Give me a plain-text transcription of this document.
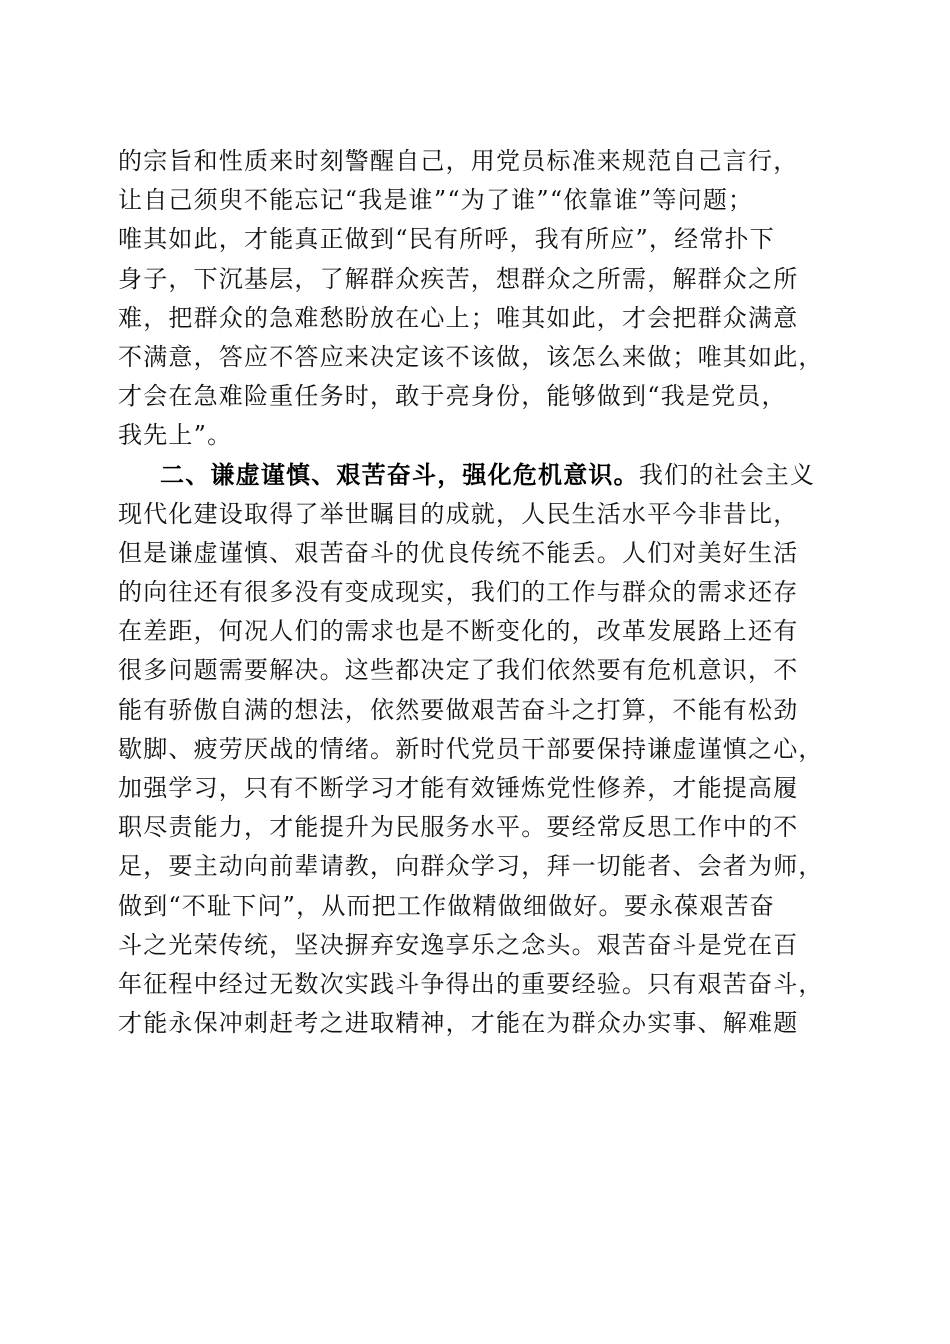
的宗旨和性质来时刻警醒自己，用党员标准来规范自己言行，
让自己须臾不能忘记“我是谁”“为了谁”“依靠谁”等问题；
唯其如此，才能真正做到“民有所呼，我有所应”，经常扑下
身子，下沉基层，了解群众疾苦，想群众之所需，解群众之所
难，把群众的急难愁盼放在心上；唯其如此，才会把群众满意
不满意，答应不答应来决定该不该做，该怎么来做；唯其如此，
才会在急难险重任务时，敢于亮身份，能够做到“我是党员，
我先上”。
二、谦虚谨慎、艰苦奋斗，强化危机意识。我们的社会主义
现代化建设取得了举世瞩目的成就，人民生活水平今非昔比，
但是谦虚谨慎、艰苦奋斗的优良传统不能丢。人们对美好生活
的向往还有很多没有变成现实，我们的工作与群众的需求还存
在差距，何况人们的需求也是不断变化的，改革发展路上还有
很多问题需要解决。这些都决定了我们依然要有危机意识，不
能有骄傲自满的想法，依然要做艰苦奋斗之打算，不能有松劲
歇脚、疲劳厌战的情绪。新时代党员干部要保持谦虚谨慎之心，
加强学习，只有不断学习才能有效锤炼党性修养，才能提高履
职尽责能力，才能提升为民服务水平。要经常反思工作中的不
足，要主动向前辈请教，向群众学习，拜一切能者、会者为师，
做到“不耻下问”，从而把工作做精做细做好。要永葆艰苦奋
斗之光荣传统，坚决摒弃安逸享乐之念头。艰苦奋斗是党在百
年征程中经过无数次实践斗争得出的重要经验。只有艰苦奋斗，
才能永保冲刺赶考之进取精神，才能在为群众办实事、解难题
